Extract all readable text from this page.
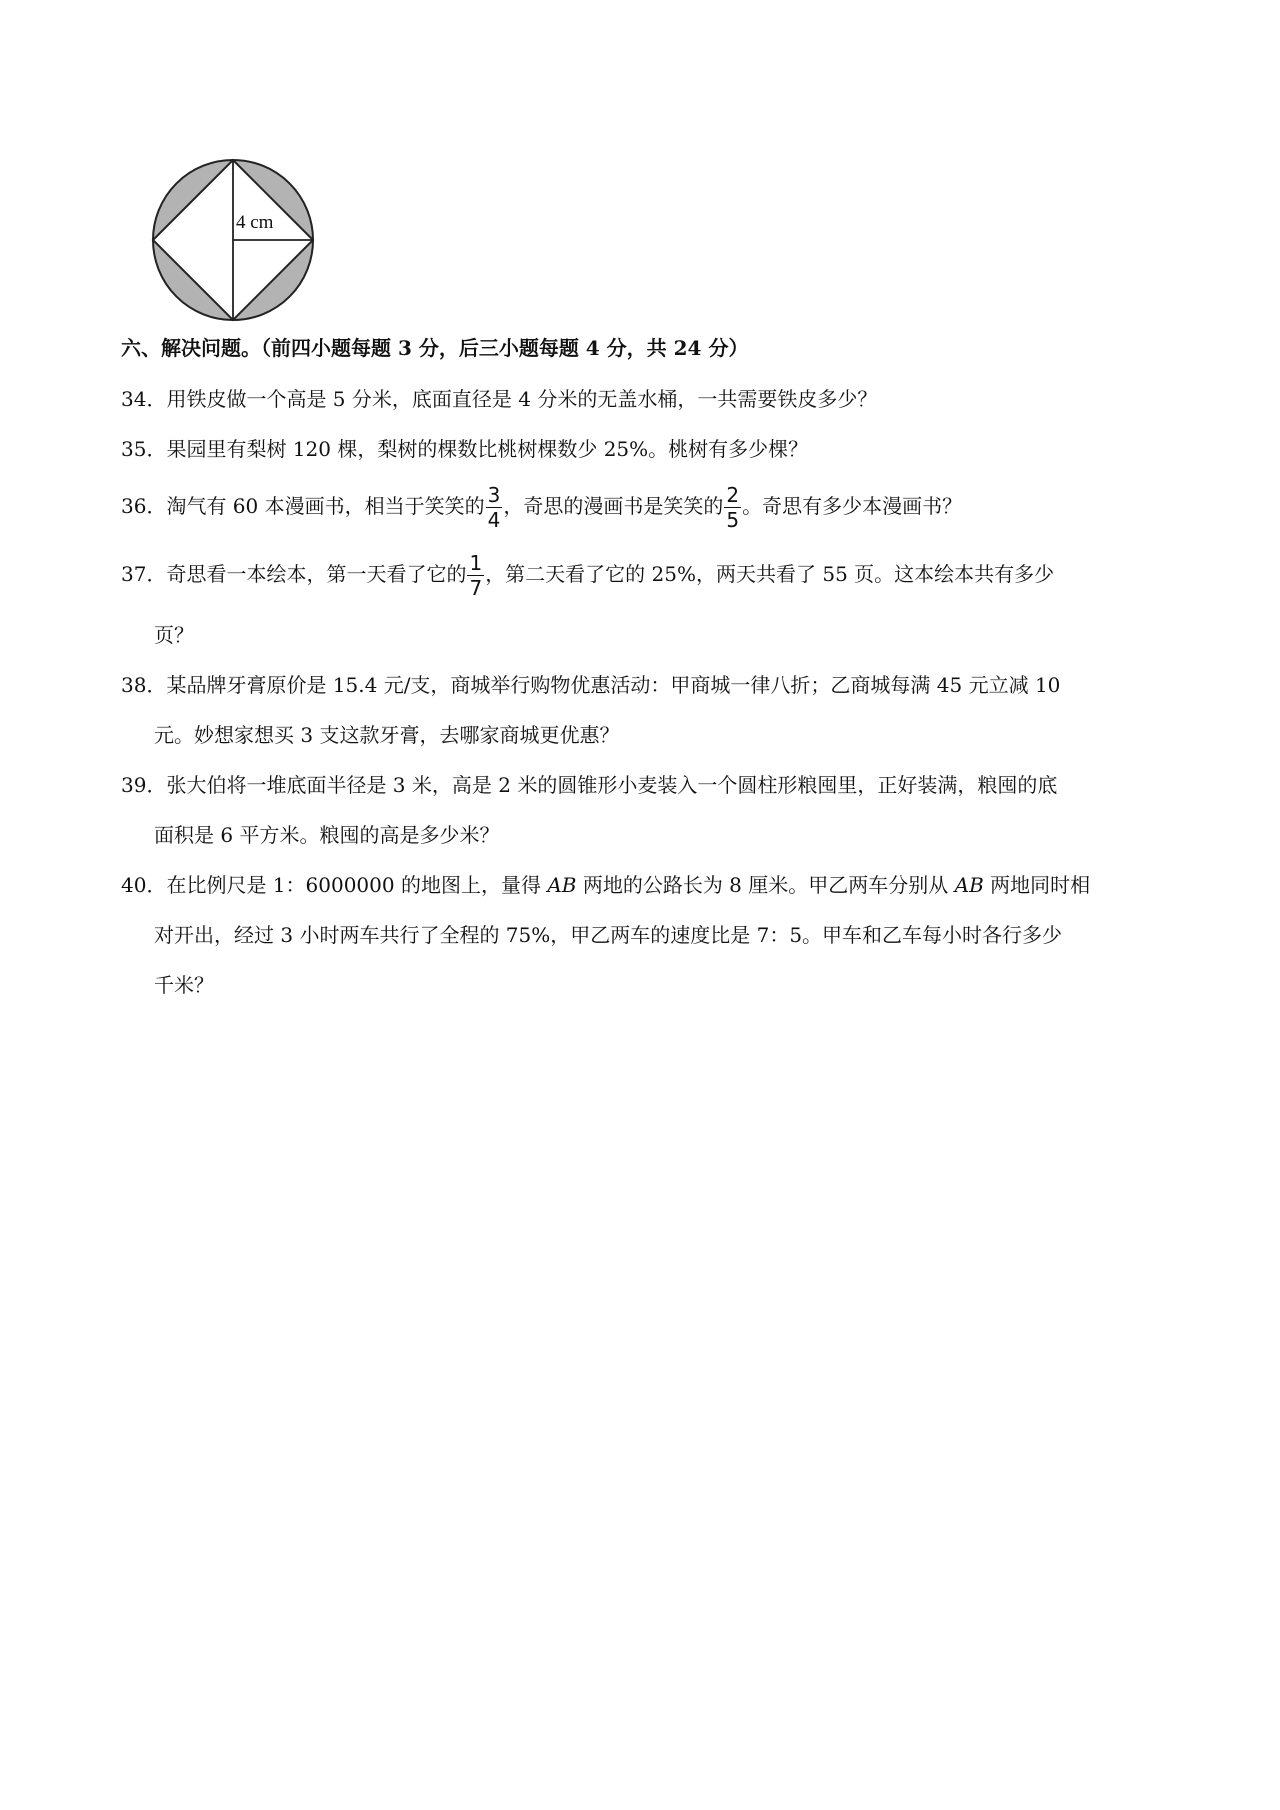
4 cm
六、解决问题。（前四小题每题 3 分，后三小题每题 4 分，共 24 分）
34．用铁皮做一个高是 5 分米，底面直径是 4 分米的无盖水桶，一共需要铁皮多少？
35．果园里有梨树 120 棵，梨树的棵数比桃树棵数少 25%。桃树有多少棵？
36．淘气有 60 本漫画书，相当于笑笑的 $\frac{3}{4}$ ，奇思的漫画书是笑笑的 $\frac{2}{5}$ 。奇思有多少本漫画书？
37．奇思看一本绘本，第一天看了它的 $\frac{1}{7}$ ，第二天看了它的 25%，两天共看了 55 页。这本绘本共有多少
页？
38．某品牌牙膏原价是 15.4 元/支，商城举行购物优惠活动：甲商城一律八折；乙商城每满 45 元立减 10
元。妙想家想买 3 支这款牙膏，去哪家商城更优惠？
39．张大伯将一堆底面半径是 3 米，高是 2 米的圆锥形小麦装入一个圆柱形粮囤里，正好装满，粮囤的底
面积是 6 平方米。粮囤的高是多少米？
40．在比例尺是 1：6000000 的地图上，量得 AB 两地的公路长为 8 厘米。甲乙两车分别从 AB 两地同时相
对开出，经过 3 小时两车共行了全程的 75%，甲乙两车的速度比是 7：5。甲车和乙车每小时各行多少
千米？
